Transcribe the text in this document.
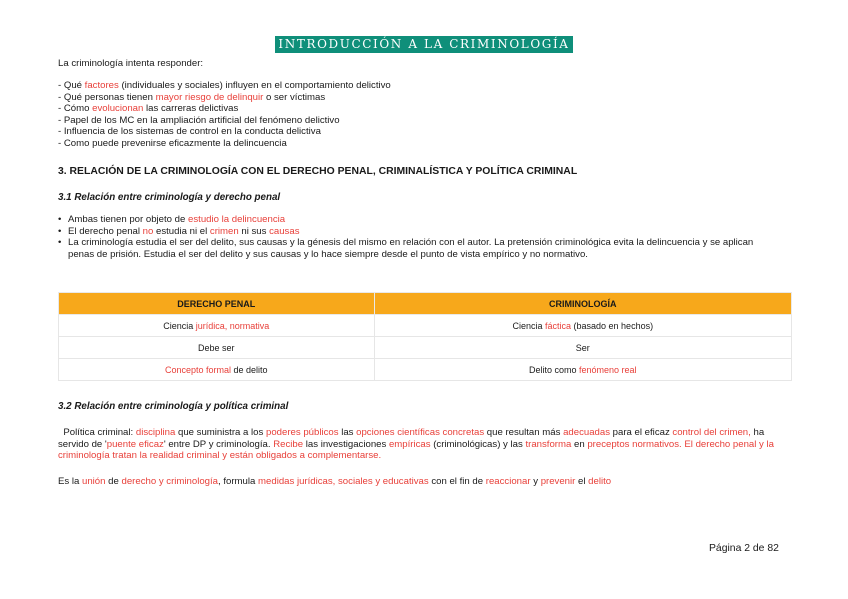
INTRODUCCIÓN A LA CRIMINOLOGÍA

La criminología intenta responder:

- Qué factores (individuales y sociales) influyen en el comportamiento delictivo
- Qué personas tienen mayor riesgo de delinquir o ser víctimas
- Cómo evolucionan las carreras delictivas
- Papel de los MC en la ampliación artificial del fenómeno delictivo
- Influencia de los sistemas de control en la conducta delictiva
- Como puede prevenirse eficazmente la delincuencia
3. RELACIÓN DE LA CRIMINOLOGÍA CON EL DERECHO PENAL, CRIMINALÍSTICA Y POLÍTICA CRIMINAL
3.1 Relación entre criminología y derecho penal
• Ambas tienen por objeto de estudio la delincuencia
• El derecho penal no estudia ni el crimen ni sus causas
• La criminología estudia el ser del delito, sus causas y la génesis del mismo en relación con el autor. La pretensión criminológica evita la delincuencia y se aplican penas de prisión. Estudia el ser del delito y sus causas y lo hace siempre desde el punto de vista empírico y no normativo.
DERECHO PENAL	CRIMINOLOGÍA
Ciencia jurídica, normativa	Ciencia fáctica (basado en hechos)
Debe ser	Ser
Concepto formal de delito	Delito como fenómeno real
3.2 Relación entre criminología y política criminal

Política criminal: disciplina que suministra a los poderes públicos las opciones científicas concretas que resultan más adecuadas para el eficaz control del crimen, ha servido de 'puente eficaz' entre DP y criminología. Recibe las investigaciones empíricas (criminológicas) y las transforma en preceptos normativos. El derecho penal y la criminología tratan la realidad criminal y están obligados a complementarse.

Es la unión de derecho y criminología, formula medidas jurídicas, sociales y educativas con el fin de reaccionar y prevenir el delito

Página 2 de 82
